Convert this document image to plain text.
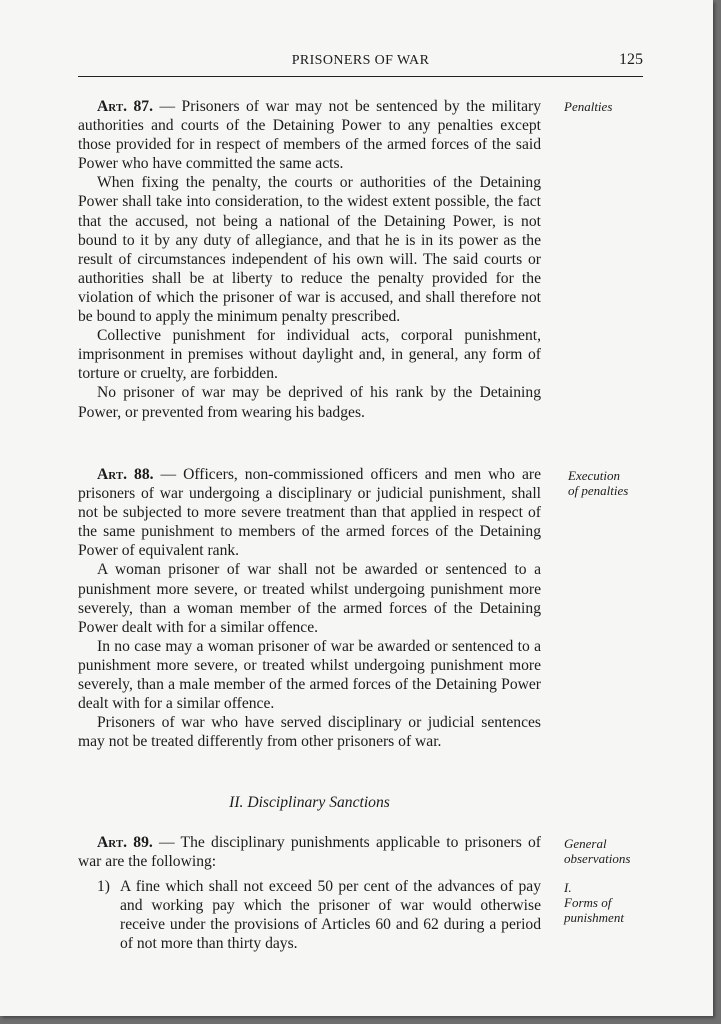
PRISONERS OF WAR	125

Art. 87. — Prisoners of war may not be sentenced by the military authorities and courts of the Detaining Power to any penalties except those provided for in respect of members of the armed forces of the said Power who have committed the same acts.

When fixing the penalty, the courts or authorities of the Detaining Power shall take into consideration, to the widest extent possible, the fact that the accused, not being a national of the Detaining Power, is not bound to it by any duty of allegiance, and that he is in its power as the result of circumstances independent of his own will. The said courts or authorities shall be at liberty to reduce the penalty provided for the violation of which the prisoner of war is accused, and shall therefore not be bound to apply the minimum penalty prescribed.

Collective punishment for individual acts, corporal punishment, imprisonment in premises without daylight and, in general, any form of torture or cruelty, are forbidden.

No prisoner of war may be deprived of his rank by the Detaining Power, or prevented from wearing his badges.

Penalties

Art. 88. — Officers, non-commissioned officers and men who are prisoners of war undergoing a disciplinary or judicial punishment, shall not be subjected to more severe treatment than that applied in respect of the same punishment to members of the armed forces of the Detaining Power of equivalent rank.

A woman prisoner of war shall not be awarded or sentenced to a punishment more severe, or treated whilst undergoing punishment more severely, than a woman member of the armed forces of the Detaining Power dealt with for a similar offence.

In no case may a woman prisoner of war be awarded or sentenced to a punishment more severe, or treated whilst undergoing punishment more severely, than a male member of the armed forces of the Detaining Power dealt with for a similar offence.

Prisoners of war who have served disciplinary or judicial sentences may not be treated differently from other prisoners of war.

Execution
of penalties
II. Disciplinary Sanctions

Art. 89. — The disciplinary punishments applicable to prisoners of war are the following:

1) A fine which shall not exceed 50 per cent of the advances of pay and working pay which the prisoner of war would otherwise receive under the provisions of Articles 60 and 62 during a period of not more than thirty days.

General
observations
I.
Forms of
punishment
